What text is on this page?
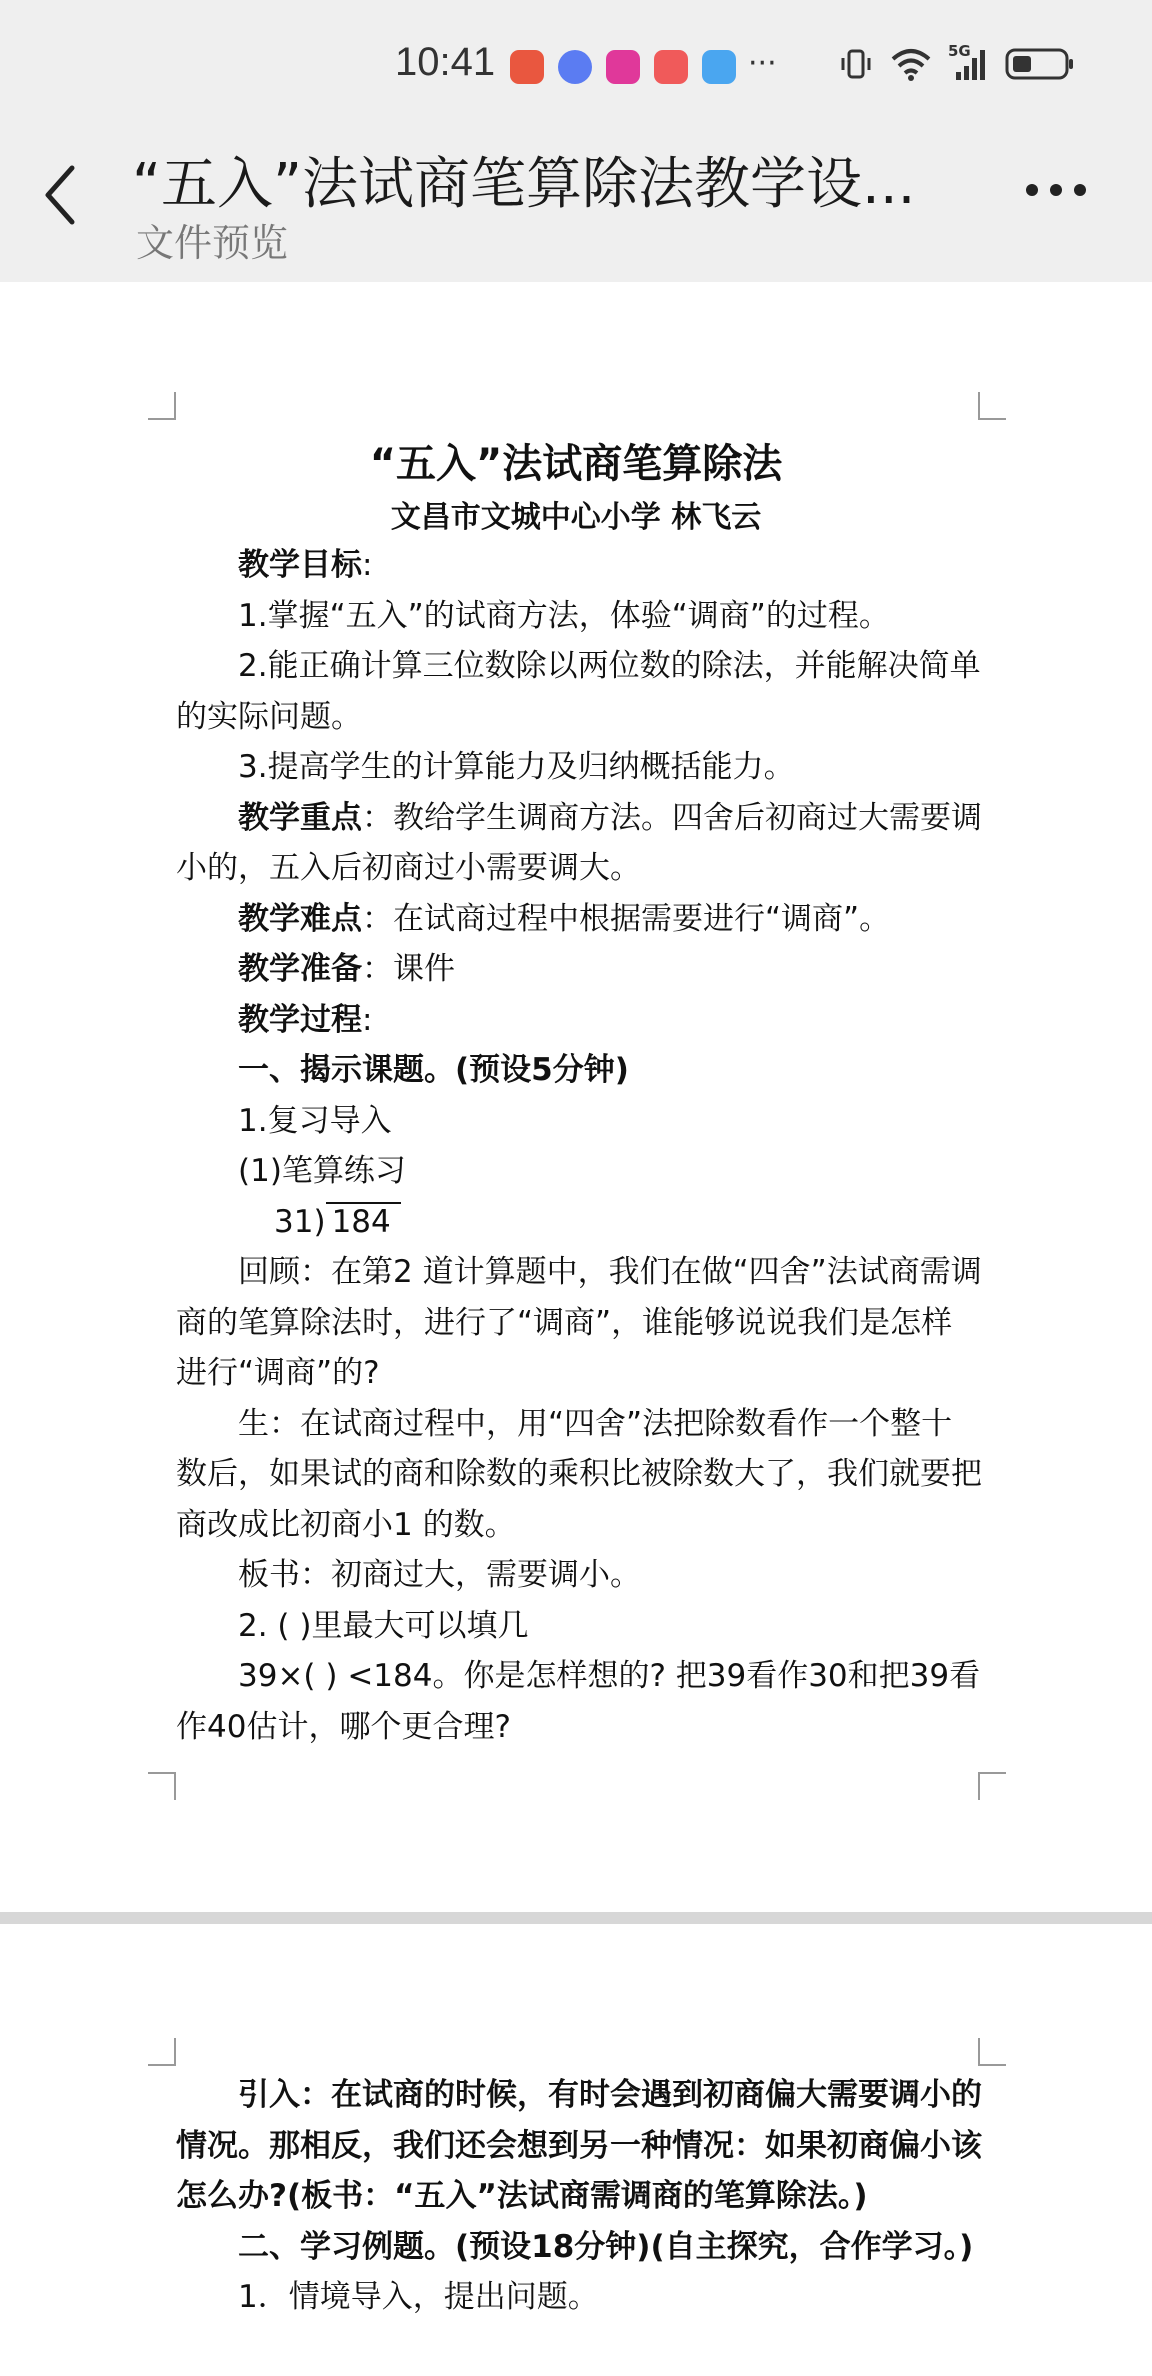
10:41	···	5G
“五入”法试商笔算除法教学设...
文件预览
“五入”法试商笔算除法
文昌市文城中心小学 林飞云

教学目标:

1.掌握“五入”的试商方法，体验“调商”的过程。

2.能正确计算三位数除以两位数的除法，并能解决简单的实际问题。

3.提高学生的计算能力及归纳概括能力。

教学重点：教给学生调商方法。四舍后初商过大需要调小的，五入后初商过小需要调大。

教学难点：在试商过程中根据需要进行“调商”。

教学准备：课件

教学过程:

一、揭示课题。(预设5分钟)

1.复习导入

(1)笔算练习

31) 184

回顾：在第2 道计算题中，我们在做“四舍”法试商需调商的笔算除法时，进行了“调商”，谁能够说说我们是怎样进行“调商”的?

生：在试商过程中，用“四舍”法把除数看作一个整十数后，如果试的商和除数的乘积比被除数大了，我们就要把商改成比初商小1 的数。

板书：初商过大，需要调小。

2. ( )里最大可以填几

39×( ) <184。你是怎样想的? 把39看作30和把39看作40估计，哪个更合理?

引入：在试商的时候，有时会遇到初商偏大需要调小的情况。那相反，我们还会想到另一种情况：如果初商偏小该怎么办?(板书：“五入”法试商需调商的笔算除法。)

二、学习例题。(预设18分钟)(自主探究，合作学习。)

1．情境导入，提出问题。
